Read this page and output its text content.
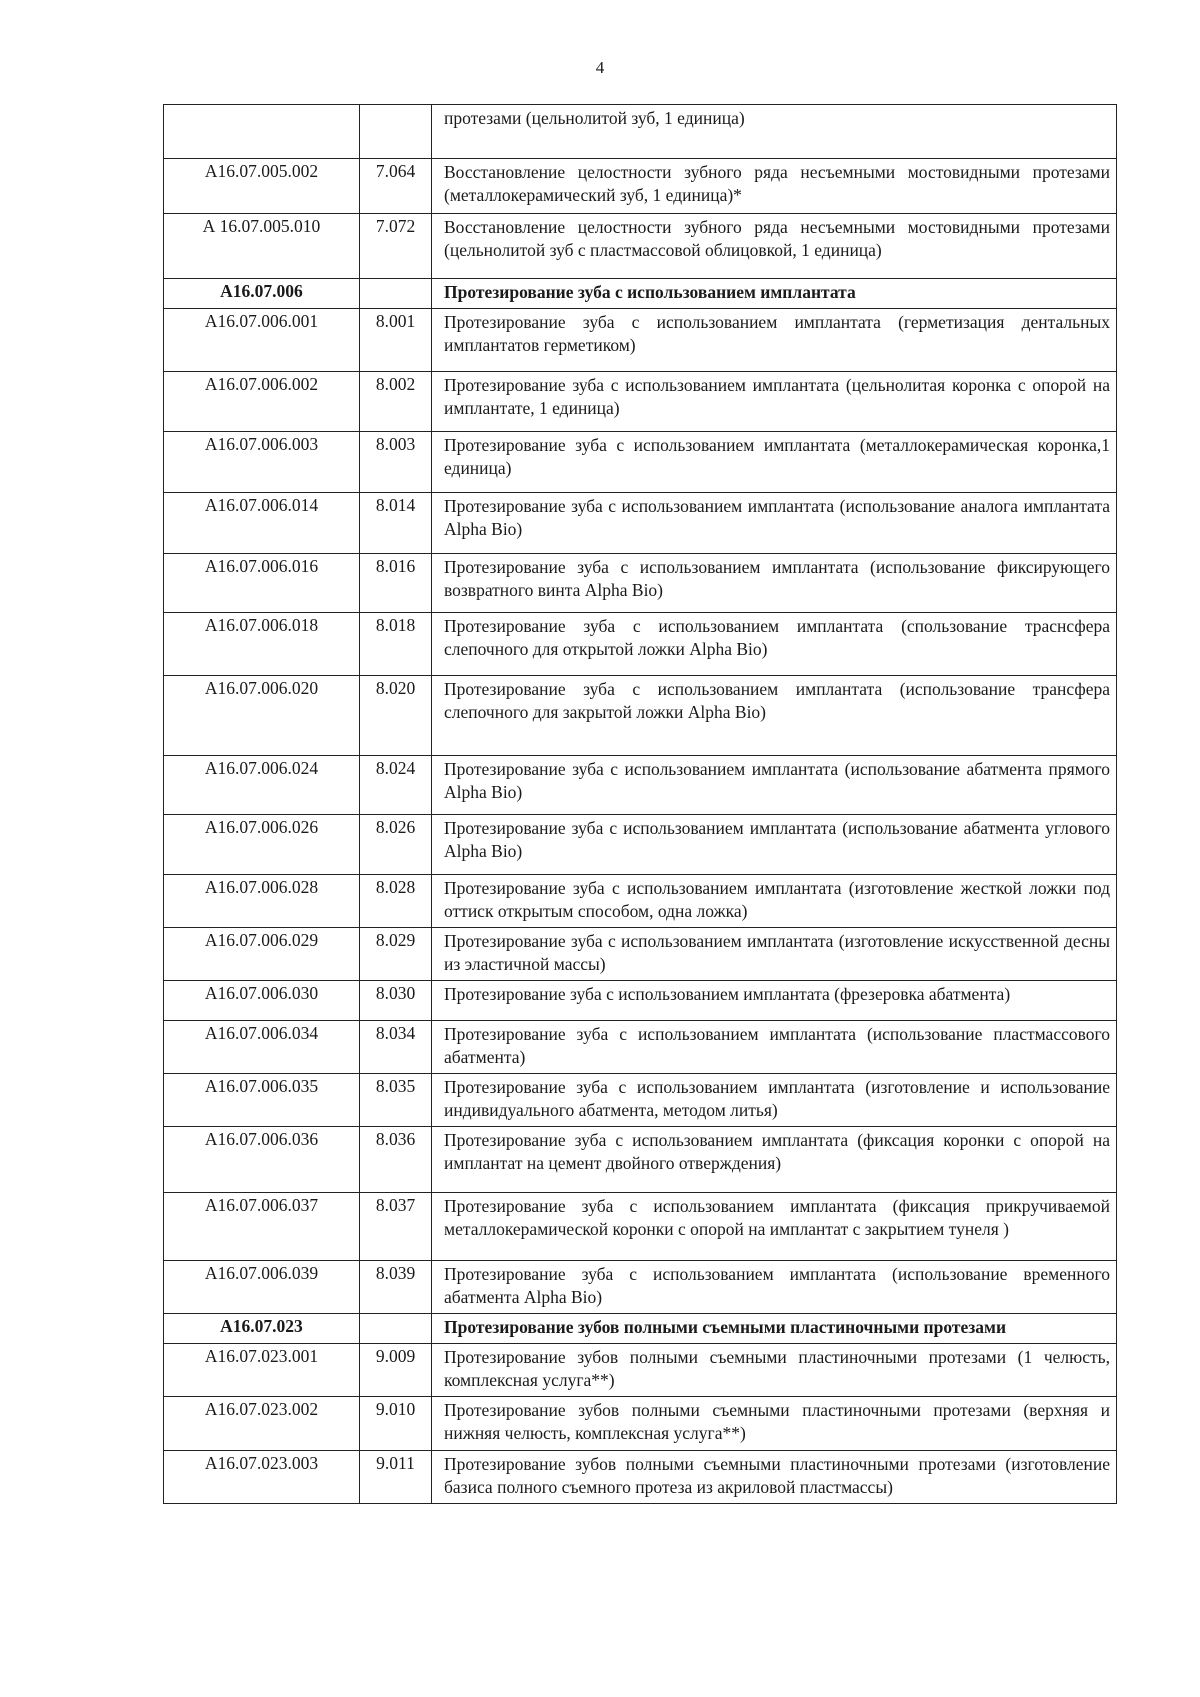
4
		протезами (цельнолитой зуб, 1 единица)
A16.07.005.002	7.064	Восстановление целостности зубного ряда несъемными мостовидными протезами (металлокерамический зуб, 1 единица)*
А 16.07.005.010	7.072	Восстановление целостности зубного ряда несъемными мостовидными протезами (цельнолитой зуб с пластмассовой облицовкой, 1 единица)
A16.07.006		Протезирование зуба с использованием имплантата
A16.07.006.001	8.001	Протезирование зуба с использованием имплантата (герметизация дентальных имплантатов герметиком)
A16.07.006.002	8.002	Протезирование зуба с использованием имплантата (цельнолитая коронка с опорой на имплантате, 1 единица)
A16.07.006.003	8.003	Протезирование зуба с использованием имплантата (металлокерамическая коронка,1 единица)
A16.07.006.014	8.014	Протезирование зуба с использованием имплантата (использование аналога имплантата Alpha Bio)
A16.07.006.016	8.016	Протезирование зуба с использованием имплантата (использование фиксирующего возвратного винта Alpha Bio)
A16.07.006.018	8.018	Протезирование зуба с использованием имплантата (спользование траснсфера слепочного для открытой ложки Alpha Bio)
A16.07.006.020	8.020	Протезирование зуба с использованием имплантата (использование трансфера слепочного для закрытой ложки Alpha Bio)
A16.07.006.024	8.024	Протезирование зуба с использованием имплантата (использование абатмента прямого Alpha Bio)
A16.07.006.026	8.026	Протезирование зуба с использованием имплантата (использование абатмента углового Alpha Bio)
A16.07.006.028	8.028	Протезирование зуба с использованием имплантата (изготовление жесткой ложки под оттиск открытым способом, одна ложка)
A16.07.006.029	8.029	Протезирование зуба с использованием имплантата (изготовление искусственной десны из эластичной массы)
A16.07.006.030	8.030	Протезирование зуба с использованием имплантата (фрезеровка абатмента)
A16.07.006.034	8.034	Протезирование зуба с использованием имплантата (использование пластмассового абатмента)
A16.07.006.035	8.035	Протезирование зуба с использованием имплантата (изготовление и использование индивидуального абатмента, методом литья)
A16.07.006.036	8.036	Протезирование зуба с использованием имплантата (фиксация коронки с опорой на имплантат на цемент двойного отверждения)
A16.07.006.037	8.037	Протезирование зуба с использованием имплантата (фиксация прикручиваемой металлокерамической коронки с опорой на имплантат с закрытием тунеля )
A16.07.006.039	8.039	Протезирование зуба с использованием имплантата (использование временного абатмента Alpha Bio)
A16.07.023		Протезирование зубов полными съемными пластиночными протезами
A16.07.023.001	9.009	Протезирование зубов полными съемными пластиночными протезами (1 челюсть, комплексная услуга**)
A16.07.023.002	9.010	Протезирование зубов полными съемными пластиночными протезами (верхняя и нижняя челюсть, комплексная услуга**)
A16.07.023.003	9.011	Протезирование зубов полными съемными пластиночными протезами (изготовление базиса полного съемного протеза из акриловой пластмассы)
